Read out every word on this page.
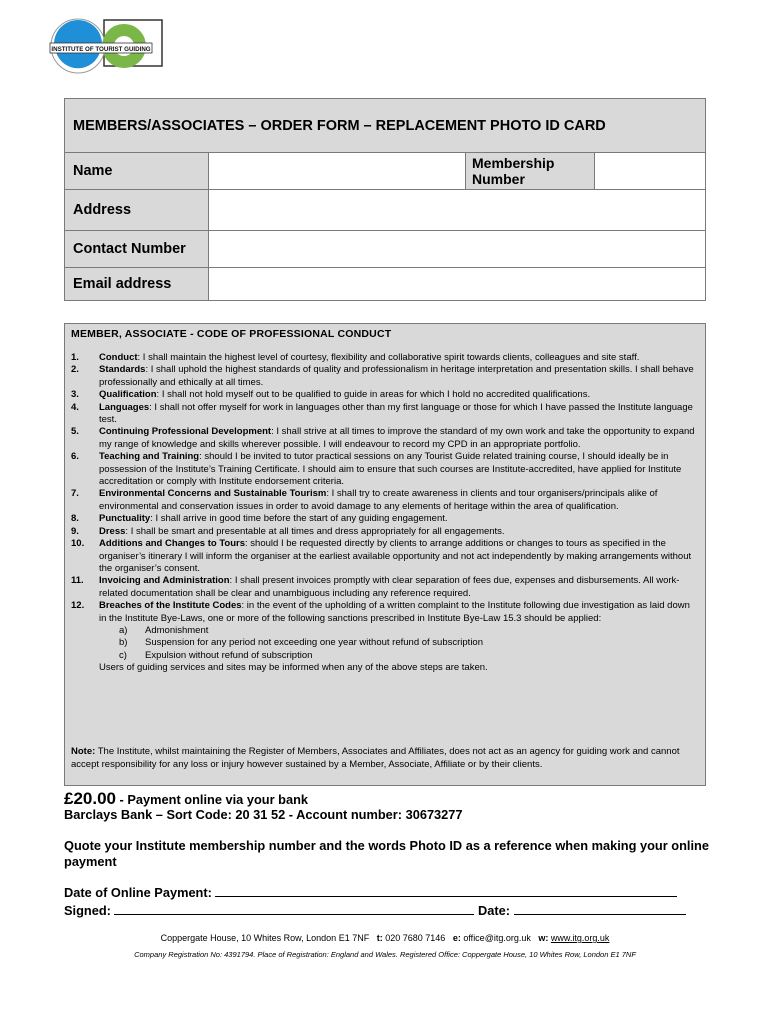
INSTITUTE OF TOURIST GUIDING
MEMBERS/ASSOCIATES – ORDER FORM – REPLACEMENT PHOTO ID CARD
Name	Membership Number
Address
Contact Number
Email address
MEMBER, ASSOCIATE - CODE OF PROFESSIONAL CONDUCT
1. Conduct: I shall maintain the highest level of courtesy, flexibility and collaborative spirit towards clients, colleagues and site staff.
2. Standards: I shall uphold the highest standards of quality and professionalism in heritage interpretation and presentation skills. I shall behave professionally and ethically at all times.
3. Qualification: I shall not hold myself out to be qualified to guide in areas for which I hold no accredited qualifications.
4. Languages: I shall not offer myself for work in languages other than my first language or those for which I have passed the Institute language test.
5. Continuing Professional Development: I shall strive at all times to improve the standard of my own work and take the opportunity to expand my range of knowledge and skills wherever possible. I will endeavour to record my CPD in an appropriate portfolio.
6. Teaching and Training: should I be invited to tutor practical sessions on any Tourist Guide related training course, I should ideally be in possession of the Institute’s Training Certificate. I should aim to ensure that such courses are Institute-accredited, have applied for Institute accreditation or comply with Institute endorsement criteria.
7. Environmental Concerns and Sustainable Tourism: I shall try to create awareness in clients and tour organisers/principals alike of environmental and conservation issues in order to avoid damage to any elements of heritage within the area of qualification.
8. Punctuality: I shall arrive in good time before the start of any guiding engagement.
9. Dress: I shall be smart and presentable at all times and dress appropriately for all engagements.
10. Additions and Changes to Tours: should I be requested directly by clients to arrange additions or changes to tours as specified in the organiser’s itinerary I will inform the organiser at the earliest available opportunity and not act independently by making arrangements without the organiser’s consent.
11. Invoicing and Administration: I shall present invoices promptly with clear separation of fees due, expenses and disbursements. All work-related documentation shall be clear and unambiguous including any reference required.
12. Breaches of the Institute Codes: in the event of the upholding of a written complaint to the Institute following due investigation as laid down in the Institute Bye-Laws, one or more of the following sanctions prescribed in Institute Bye-Law 15.3 should be applied:
a) Admonishment
b) Suspension for any period not exceeding one year without refund of subscription
c) Expulsion without refund of subscription
Users of guiding services and sites may be informed when any of the above steps are taken.
Note: The Institute, whilst maintaining the Register of Members, Associates and Affiliates, does not act as an agency for guiding work and cannot accept responsibility for any loss or injury however sustained by a Member, Associate, Affiliate or by their clients.
£20.00 - Payment online via your bank
Barclays Bank – Sort Code: 20 31 52 - Account number: 30673277
Quote your Institute membership number and the words Photo ID as a reference when making your online payment
Date of Online Payment:
Signed:	Date:
Coppergate House, 10 Whites Row, London E1 7NF t: 020 7680 7146 e: office@itg.org.uk w: www.itg.org.uk
Company Registration No: 4391794. Place of Registration: England and Wales. Registered Office: Coppergate House, 10 Whites Row, London E1 7NF
